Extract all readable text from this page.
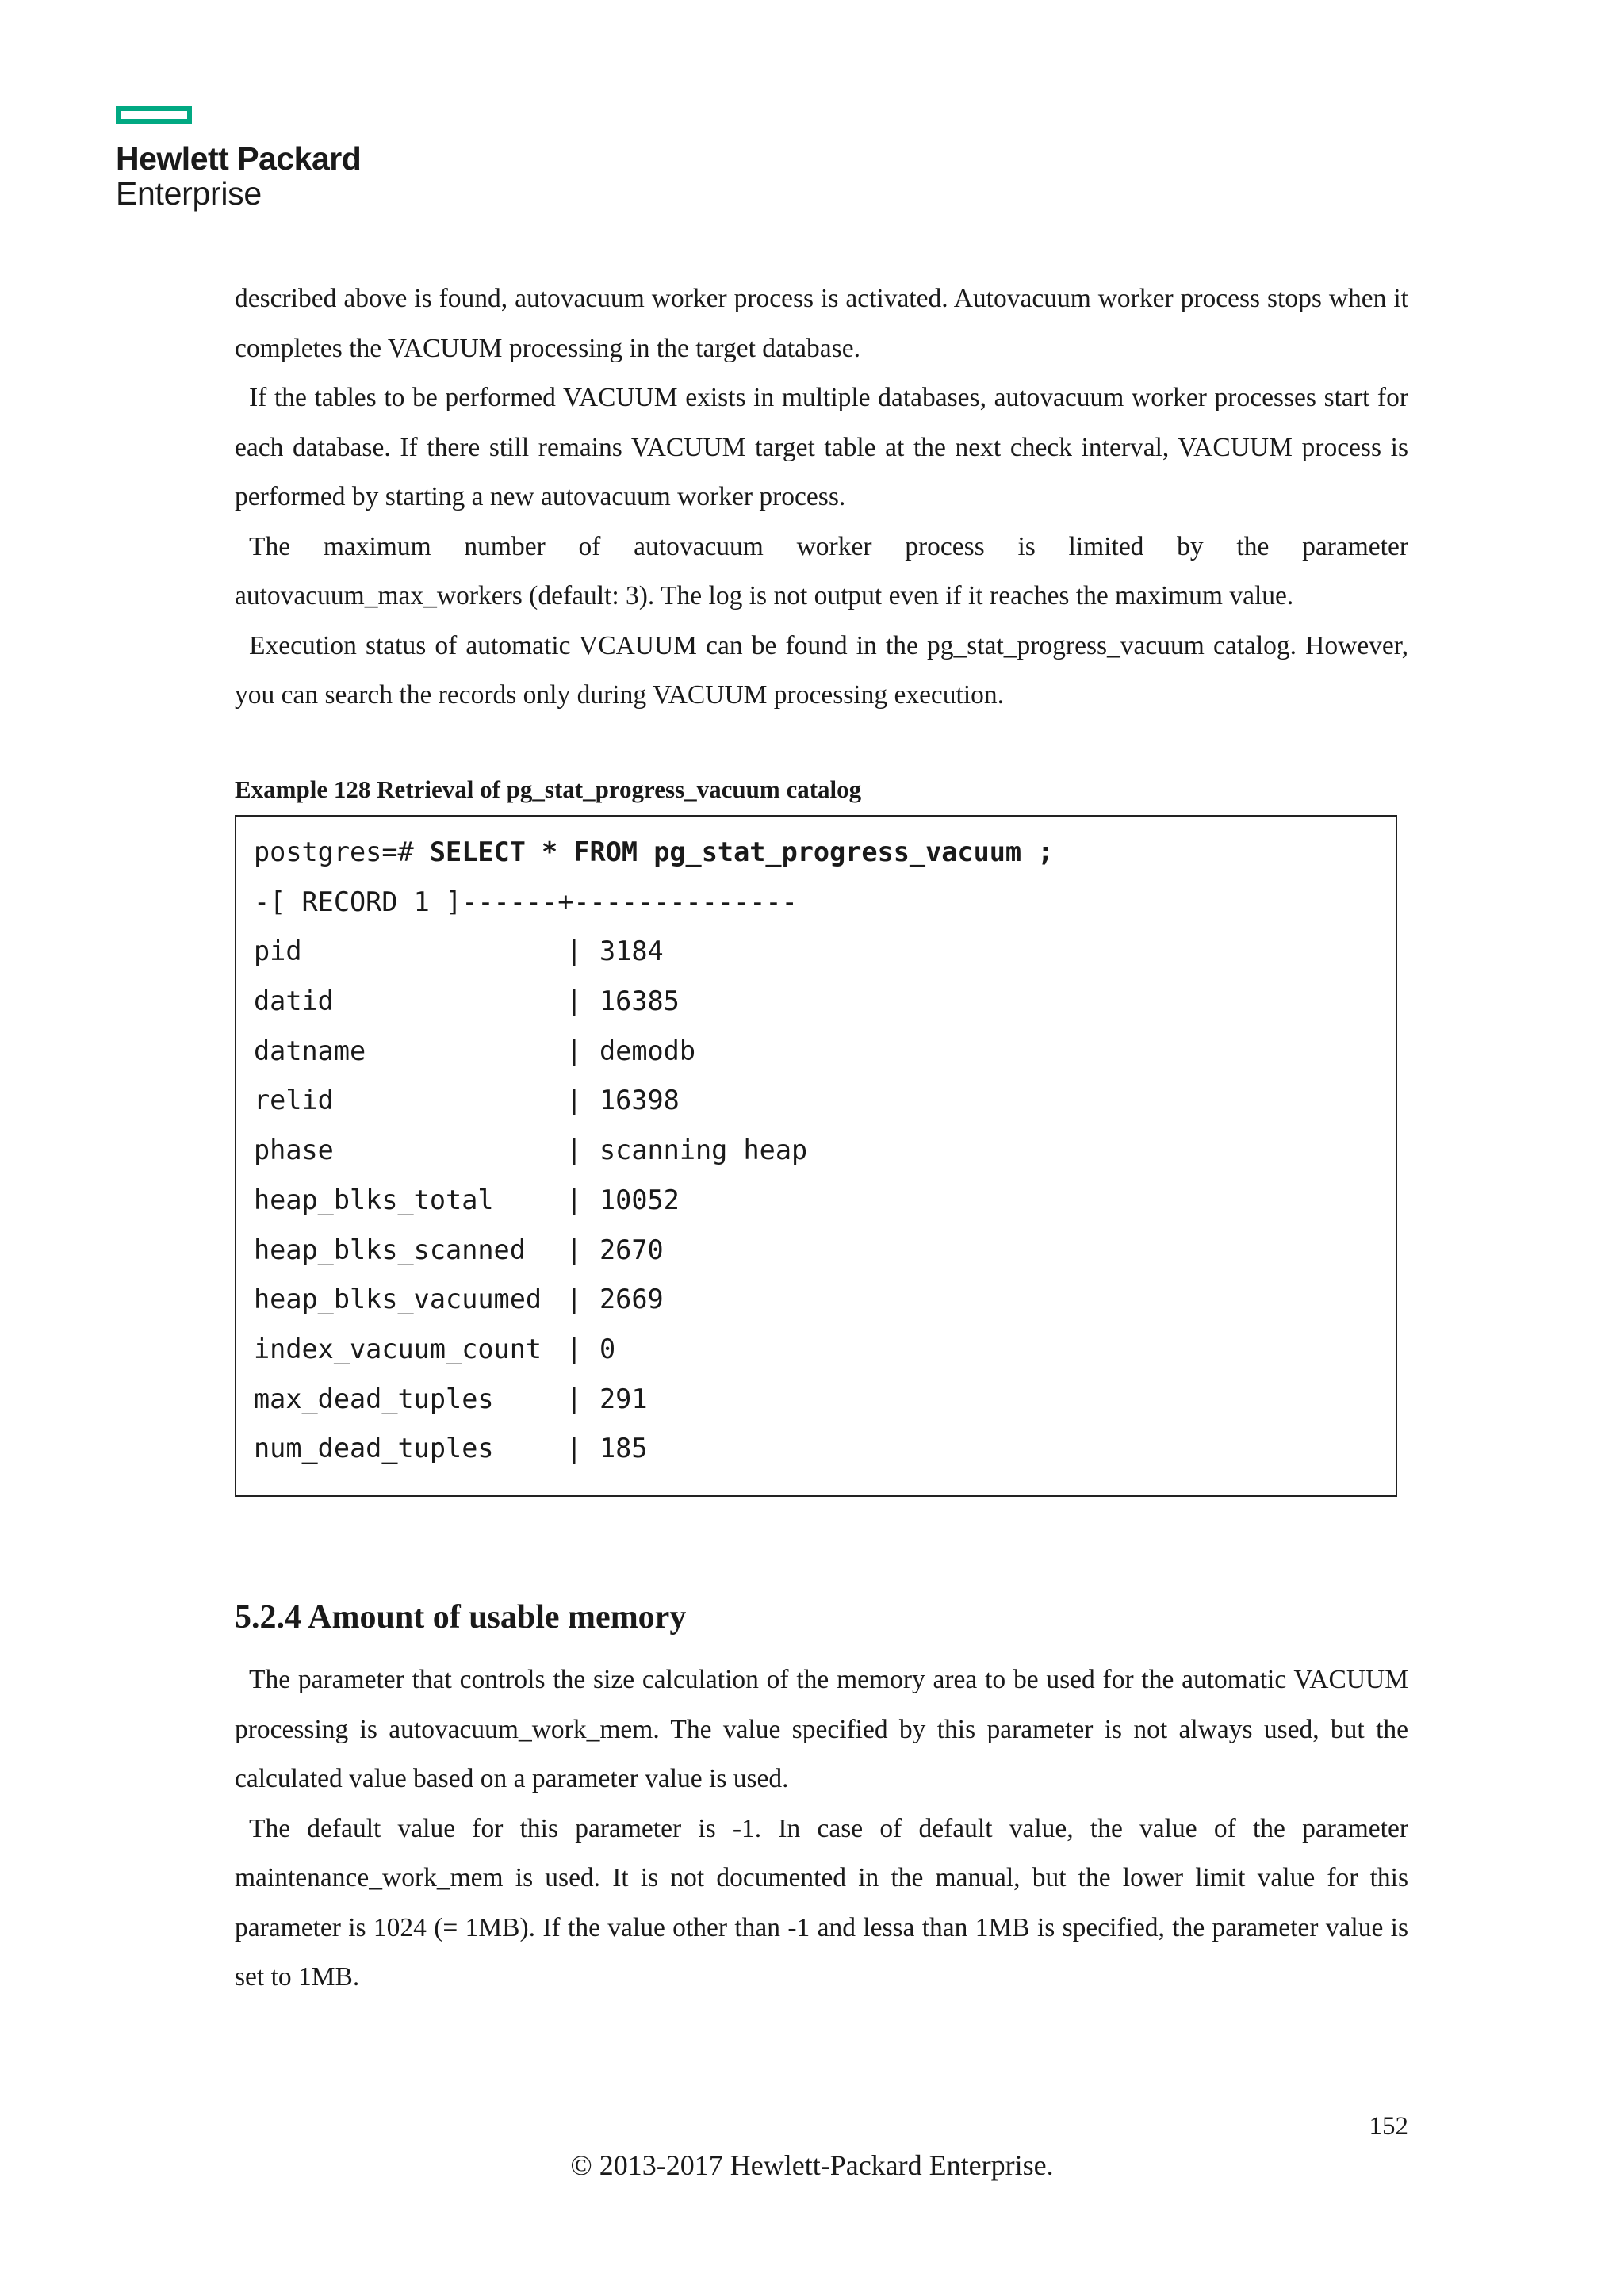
Hewlett Packard
Enterprise

described above is found, autovacuum worker process is activated. Autovacuum worker process stops when it completes the VACUUM processing in the target database.

If the tables to be performed VACUUM exists in multiple databases, autovacuum worker processes start for each database. If there still remains VACUUM target table at the next check interval, VACUUM process is performed by starting a new autovacuum worker process.

The maximum number of autovacuum worker process is limited by the parameter autovacuum_max_workers (default: 3). The log is not output even if it reaches the maximum value.

Execution status of automatic VCAUUM can be found in the pg_stat_progress_vacuum catalog. However, you can search the records only during VACUUM processing execution.

Example 128 Retrieval of pg_stat_progress_vacuum catalog
postgres=# SELECT * FROM pg_stat_progress_vacuum ;
-[ RECORD 1 ]------+--------------
pid	| 3184
datid	| 16385
datname	| demodb
relid	| 16398
phase	| scanning heap
heap_blks_total	| 10052
heap_blks_scanned | 2670
heap_blks_vacuumed | 2669
index_vacuum_count | 0
max_dead_tuples	| 291
num_dead_tuples	| 185
5.2.4 Amount of usable memory

The parameter that controls the size calculation of the memory area to be used for the automatic VACUUM processing is autovacuum_work_mem. The value specified by this parameter is not always used, but the calculated value based on a parameter value is used.

The default value for this parameter is -1. In case of default value, the value of the parameter maintenance_work_mem is used. It is not documented in the manual, but the lower limit value for this parameter is 1024 (= 1MB). If the value other than -1 and lessa than 1MB is specified, the parameter value is set to 1MB.

152
© 2013-2017 Hewlett-Packard Enterprise.
